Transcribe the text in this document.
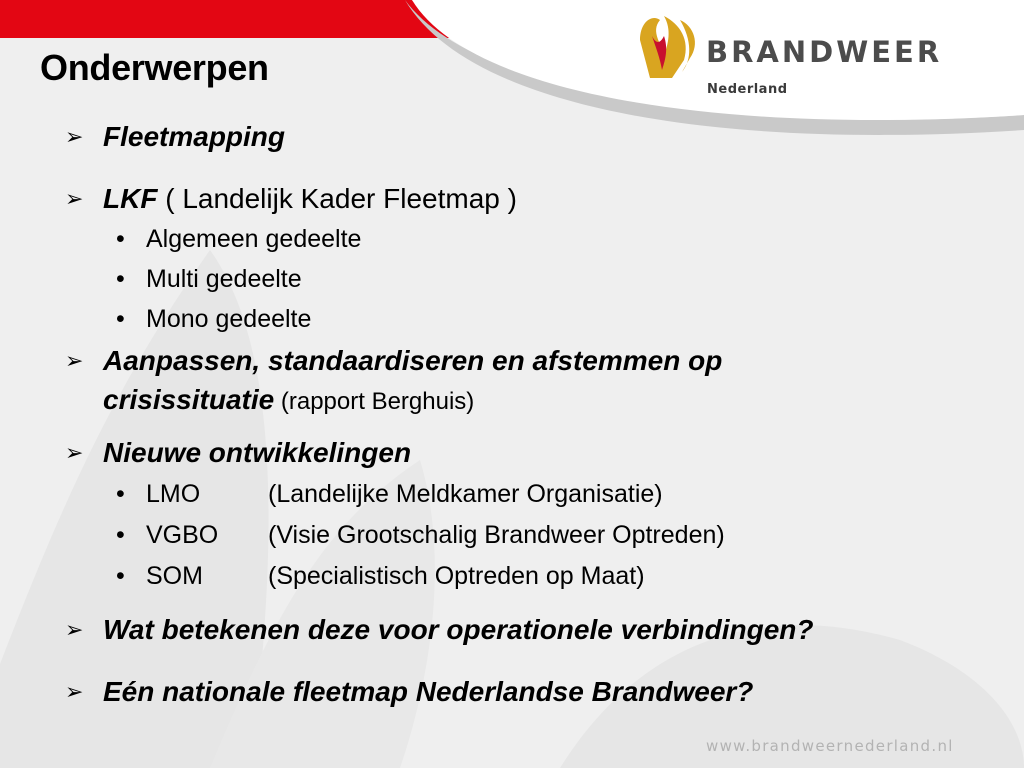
Onderwerpen	BRANDWEER
Nederland
➢ Fleetmapping
➢ LKF ( Landelijk Kader Fleetmap )
• Algemeen gedeelte
• Multi gedeelte
• Mono gedeelte
➢ Aanpassen, standaardiseren en afstemmen op
crisissituatie (rapport Berghuis)
➢ Nieuwe ontwikkelingen
• LMO	(Landelijke Meldkamer Organisatie)
• VGBO (Visie Grootschalig Brandweer Optreden)
• SOM	(Specialistisch Optreden op Maat)
➢ Wat betekenen deze voor operationele verbindingen?
➢ Eén nationale fleetmap Nederlandse Brandweer?
www.brandweernederland.nl
